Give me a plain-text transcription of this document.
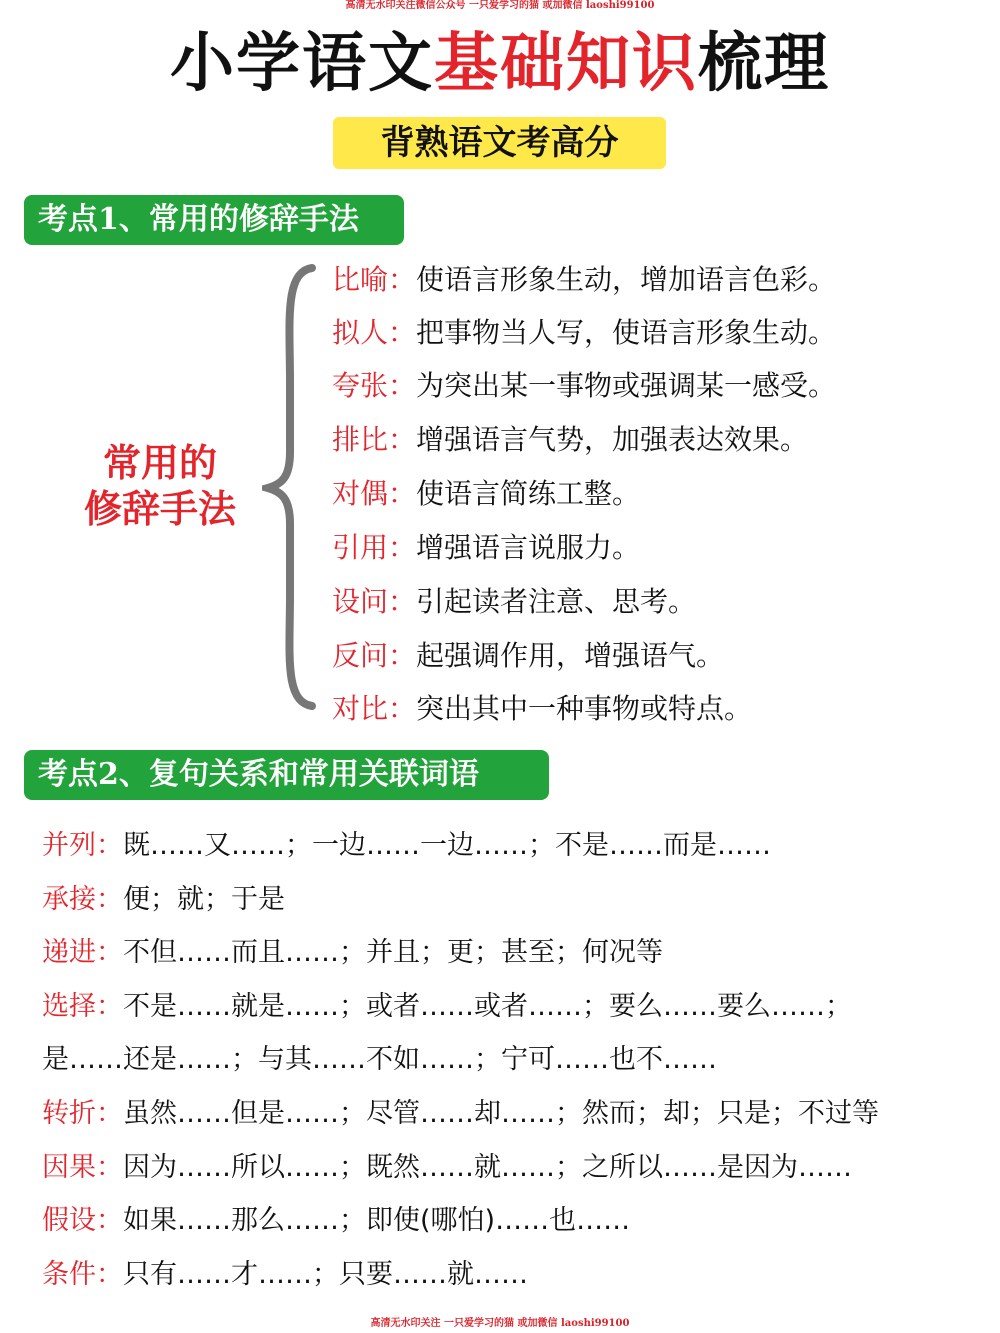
高清无水印关注微信公众号 一只爱学习的猫 或加微信 laoshi99100
小学语文基础知识梳理
背熟语文考高分
考点1、常用的修辞手法
常用的
修辞手法
比喻：使语言形象生动，增加语言色彩。
拟人：把事物当人写，使语言形象生动。
夸张：为突出某一事物或强调某一感受。
排比：增强语言气势，加强表达效果。
对偶：使语言简练工整。
引用：增强语言说服力。
设问：引起读者注意、思考。
反问：起强调作用，增强语气。
对比：突出其中一种事物或特点。
考点2、复句关系和常用关联词语
并列：既……又……；一边……一边……；不是……而是……
承接：便；就；于是
递进：不但……而且……；并且；更；甚至；何况等
选择：不是……就是……；或者……或者……；要么……要么……；
是……还是……；与其……不如……；宁可……也不……
转折：虽然……但是……；尽管……却……；然而；却；只是；不过等
因果：因为……所以……；既然……就……；之所以……是因为……
假设：如果……那么……；即使(哪怕)……也……
条件：只有……才……；只要……就……
高清无水印关注 一只爱学习的猫 或加微信 laoshi99100
